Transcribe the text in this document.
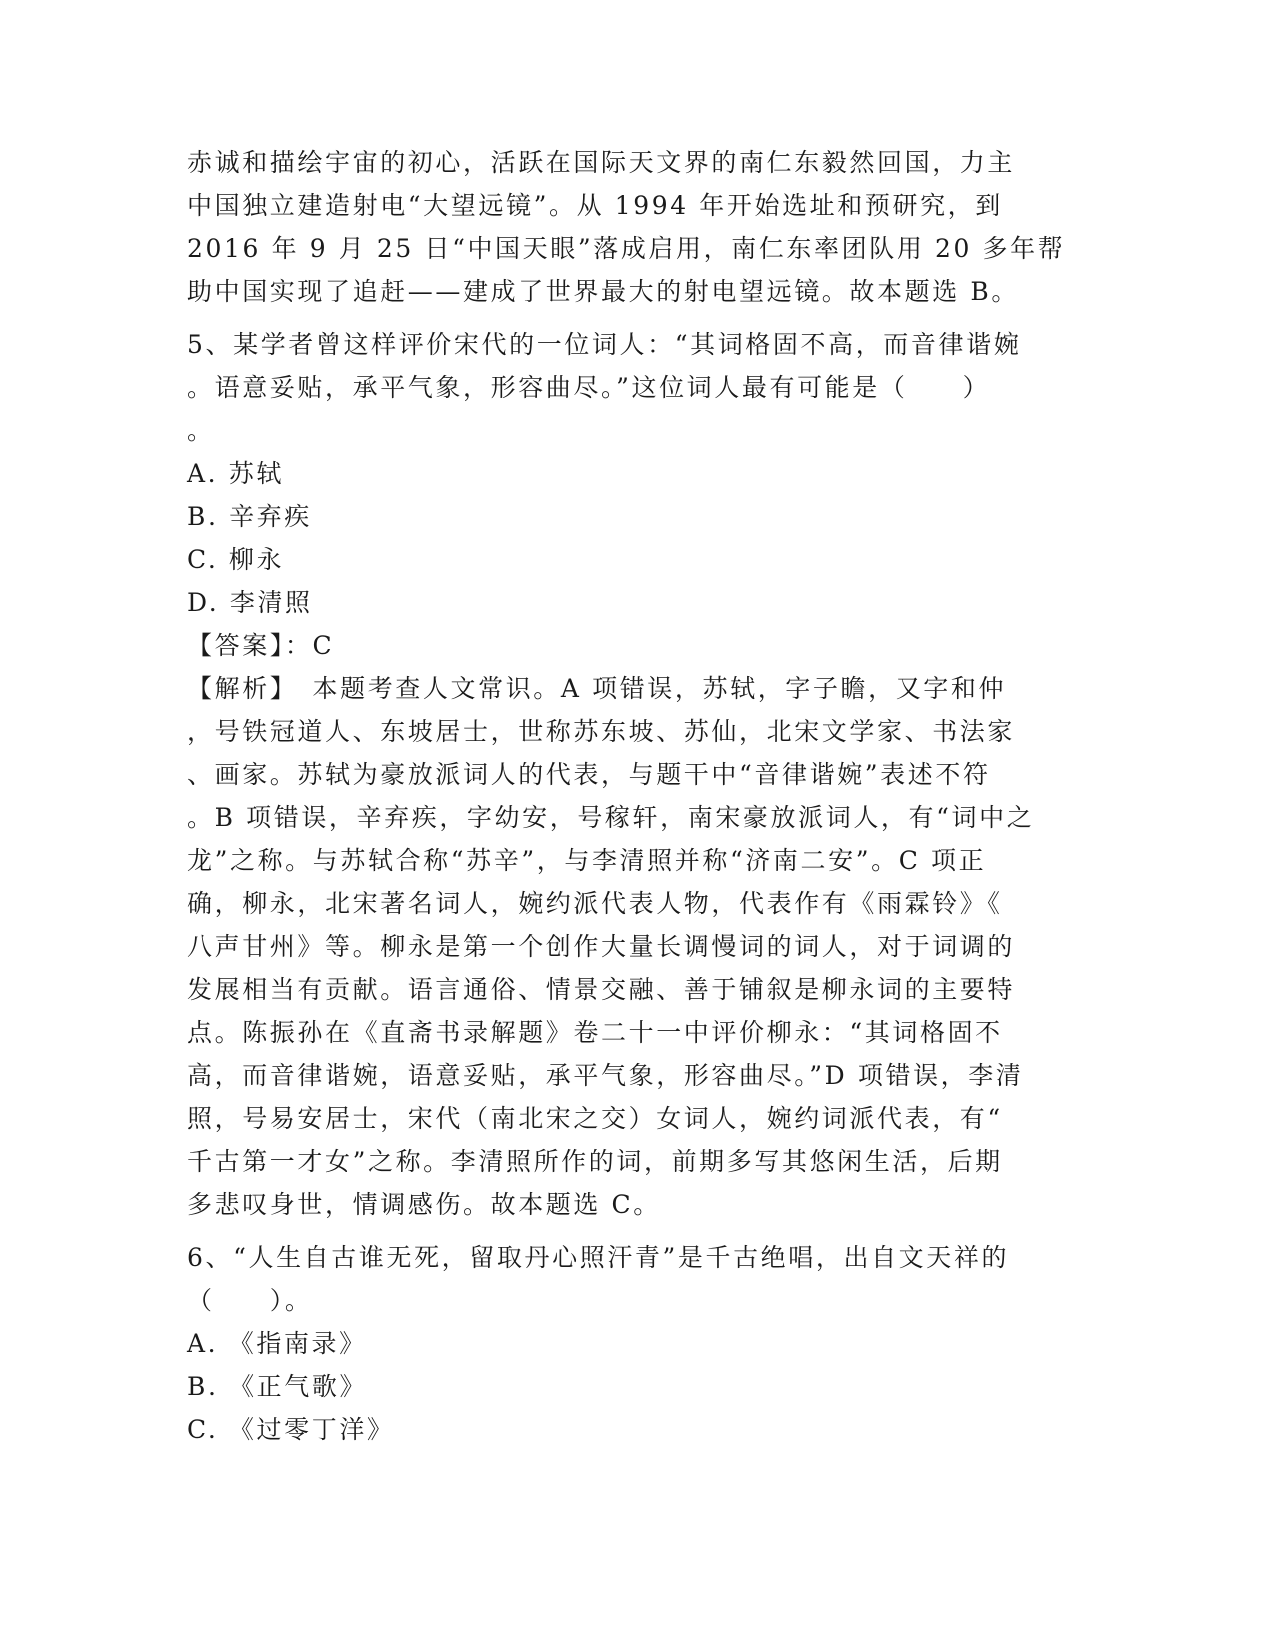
赤诚和描绘宇宙的初心，活跃在国际天文界的南仁东毅然回国，力主
中国独立建造射电“大望远镜”。从 1994 年开始选址和预研究，到
2016 年 9 月 25 日“中国天眼”落成启用，南仁东率团队用 20 多年帮
助中国实现了追赶——建成了世界最大的射电望远镜。故本题选 B。
5、某学者曾这样评价宋代的一位词人：“其词格固不高，而音律谐婉
。语意妥贴，承平气象，形容曲尽。”这位词人最有可能是（　　）
。
A. 苏轼
B. 辛弃疾
C. 柳永
D. 李清照
【答案】：C
【解析】　本题考查人文常识。A 项错误，苏轼，字子瞻，又字和仲
，号铁冠道人、东坡居士，世称苏东坡、苏仙，北宋文学家、书法家
、画家。苏轼为豪放派词人的代表，与题干中“音律谐婉”表述不符
。B 项错误，辛弃疾，字幼安，号稼轩，南宋豪放派词人，有“词中之
龙”之称。与苏轼合称“苏辛”，与李清照并称“济南二安”。C 项正
确，柳永，北宋著名词人，婉约派代表人物，代表作有《雨霖铃》《
八声甘州》等。柳永是第一个创作大量长调慢词的词人，对于词调的
发展相当有贡献。语言通俗、情景交融、善于铺叙是柳永词的主要特
点。陈振孙在《直斋书录解题》卷二十一中评价柳永：“其词格固不
高，而音律谐婉，语意妥贴，承平气象，形容曲尽。”D 项错误，李清
照，号易安居士，宋代（南北宋之交）女词人，婉约词派代表，有“
千古第一才女”之称。李清照所作的词，前期多写其悠闲生活，后期
多悲叹身世，情调感伤。故本题选 C。
6、“人生自古谁无死，留取丹心照汗青”是千古绝唱，出自文天祥的
（　　）。
A. 《指南录》
B. 《正气歌》
C. 《过零丁洋》
